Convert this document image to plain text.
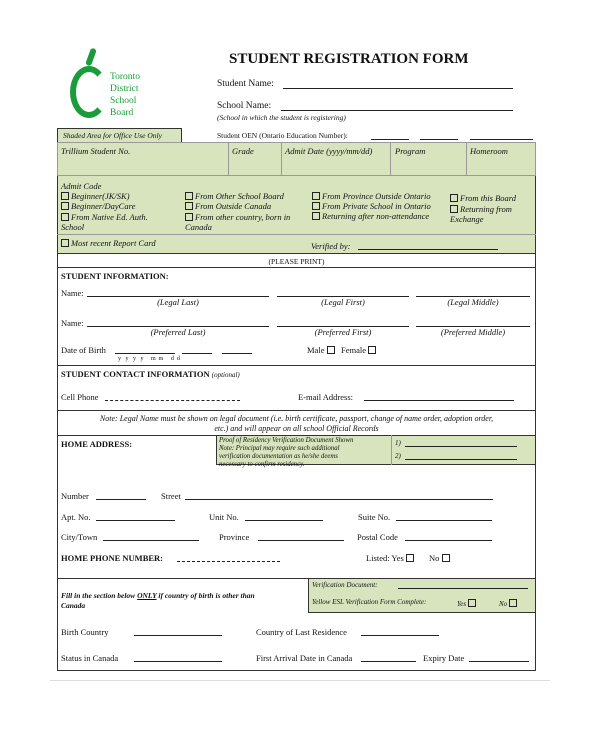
Toronto
District
School
Board
STUDENT REGISTRATION FORM
Student Name:
School Name:
(School in which the student is registering)
Shaded Area for Office Use Only	Student OEN (Ontario Education Number):
Trillium Student No.	Grade	Admit Date (yyyy/mm/dd)	Program	Homeroom
Admit Code
Beginner(JK/SK)
Beginner/DayCare
From Native Ed. Auth. School
From Other School Board
From Outside Canada
From other country, born in Canada
From Province Outside Ontario
From Private School in Ontario
Returning after non-attendance
From this Board
Returning from Exchange
Most recent Report Card	Verified by:
(PLEASE PRINT)
STUDENT INFORMATION:
Name:
(Legal Last)	(Legal First)	(Legal Middle)
Name:
(Preferred Last)	(Preferred First)	(Preferred Middle)
Date of Birth
y   y   y   y     m  m     d  d
Male	Female
STUDENT CONTACT INFORMATION (optional)
Cell Phone	E-mail Address:
Note: Legal Name must be shown on legal document (i.e. birth certificate, passport, change of name order, adoption order,
etc.) and will appear on all school Official Records
HOME ADDRESS:	Proof of Residency Verification Document Shown
Note: Principal may require such additional
verification documentation as he/she deems
necessary to confirm residency.
1)
2)
Number	Street
Apt. No.	Unit No.	Suite No.
City/Town	Province	Postal Code
HOME PHONE NUMBER:	Listed: Yes	No
Fill in the section below ONLY if country of birth is other than
Canada
Verification Document:
Yellow ESL Verification Form Complete:	Yes	No
Birth Country	Country of Last Residence
Status in Canada	First Arrival Date in Canada	Expiry Date
